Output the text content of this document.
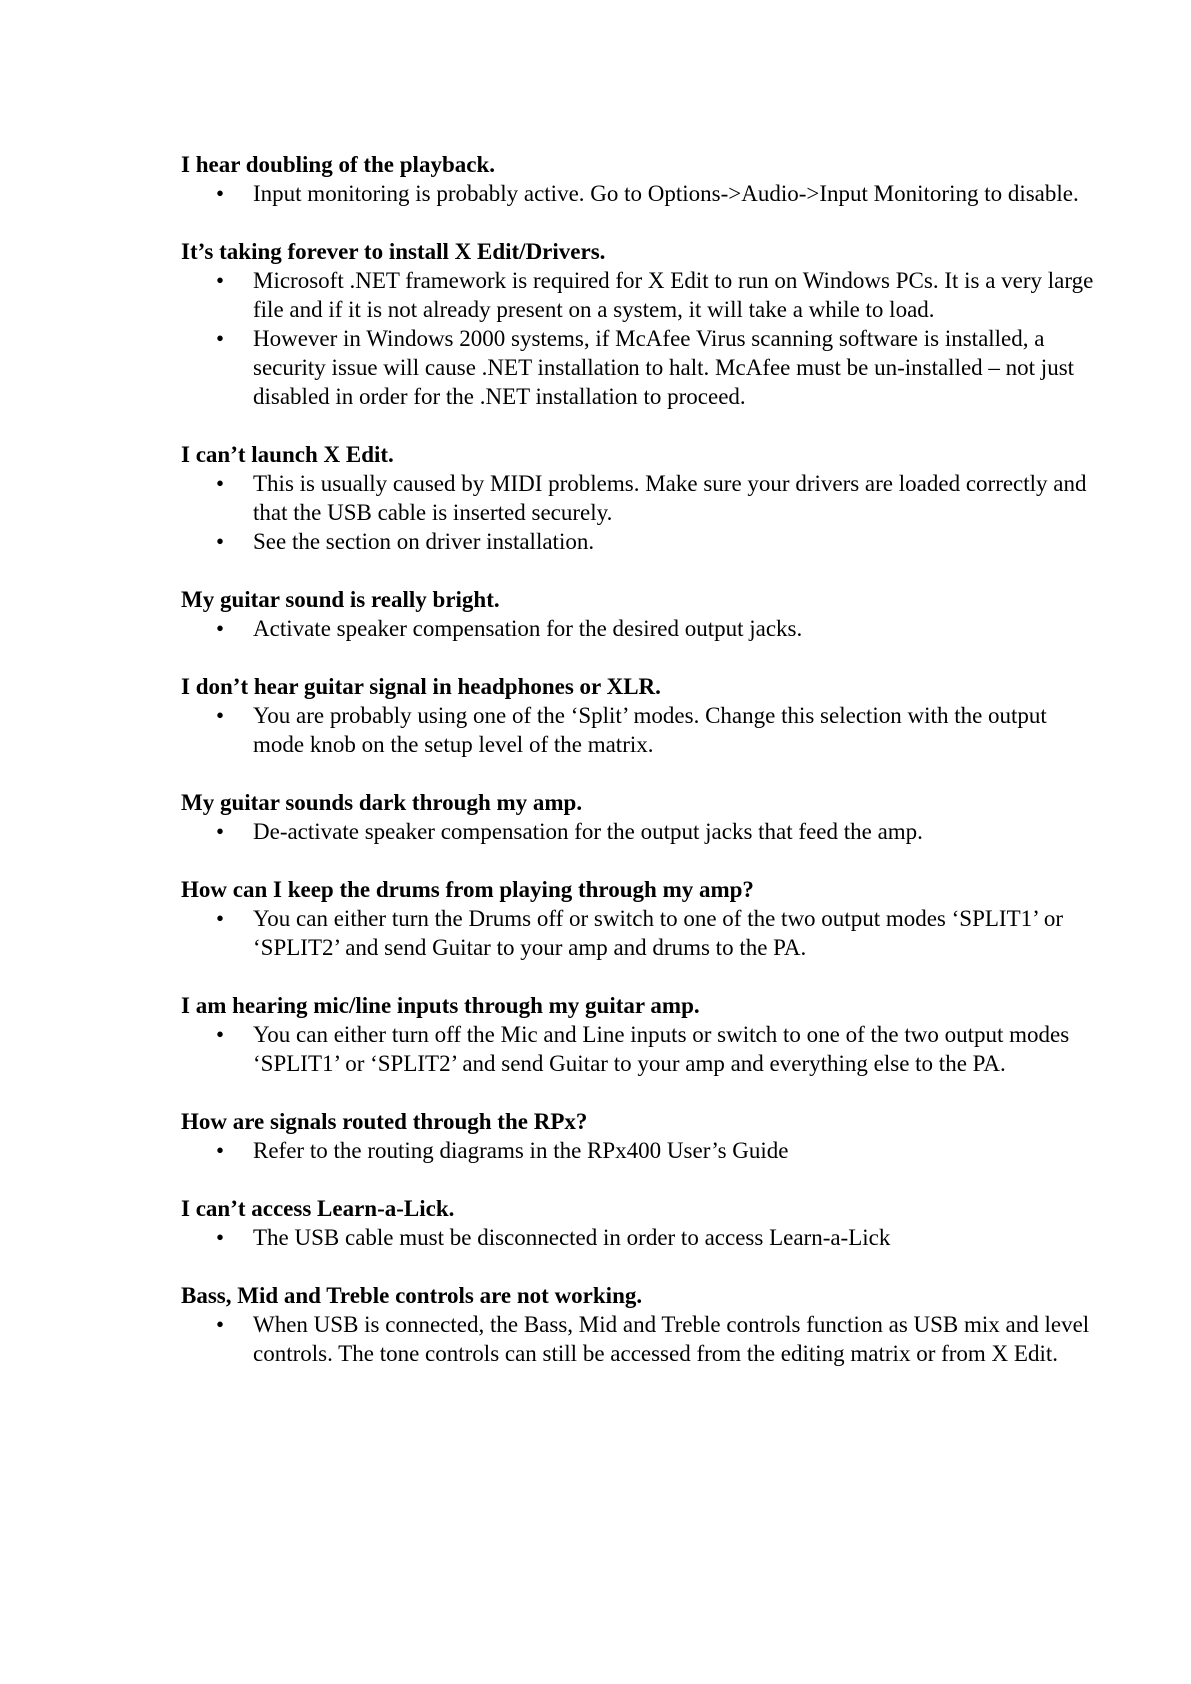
I hear doubling of the playback.

•	Input monitoring is probably active. Go to Options->Audio->Input Monitoring to disable.

It’s taking forever to install X Edit/Drivers.

•	Microsoft .NET framework is required for X Edit to run on Windows PCs. It is a very large file and if it is not already present on a system, it will take a while to load.
•	However in Windows 2000 systems, if McAfee Virus scanning software is installed, a security issue will cause .NET installation to halt. McAfee must be un-installed – not just disabled in order for the .NET installation to proceed.

I can’t launch X Edit.

•	This is usually caused by MIDI problems. Make sure your drivers are loaded correctly and that the USB cable is inserted securely.
•	See the section on driver installation.

My guitar sound is really bright.

•	Activate speaker compensation for the desired output jacks.

I don’t hear guitar signal in headphones or XLR.

•	You are probably using one of the ‘Split’ modes. Change this selection with the output mode knob on the setup level of the matrix.

My guitar sounds dark through my amp.

•	De-activate speaker compensation for the output jacks that feed the amp.

How can I keep the drums from playing through my amp?

•	You can either turn the Drums off or switch to one of the two output modes ‘SPLIT1’ or ‘SPLIT2’ and send Guitar to your amp and drums to the PA.

I am hearing mic/line inputs through my guitar amp.

•	You can either turn off the Mic and Line inputs or switch to one of the two output modes ‘SPLIT1’ or ‘SPLIT2’ and send Guitar to your amp and everything else to the PA.

How are signals routed through the RPx?

•	Refer to the routing diagrams in the RPx400 User’s Guide

I can’t access Learn-a-Lick.

•	The USB cable must be disconnected in order to access Learn-a-Lick

Bass, Mid and Treble controls are not working.

•	When USB is connected, the Bass, Mid and Treble controls function as USB mix and level controls. The tone controls can still be accessed from the editing matrix or from X Edit.
